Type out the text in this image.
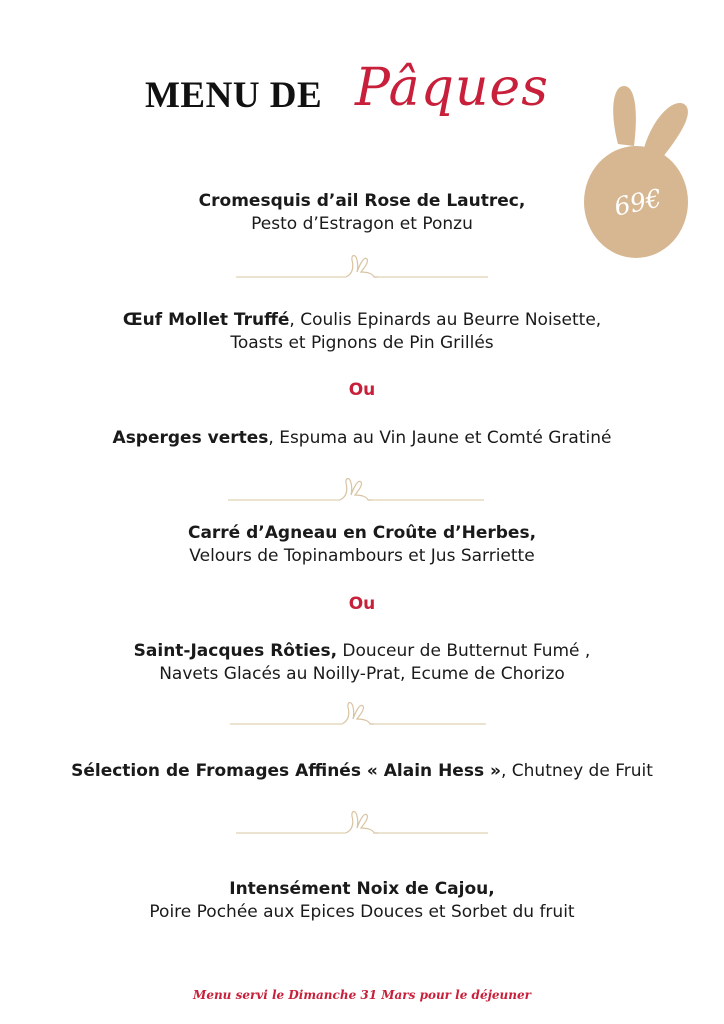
MENU DE Pâques
69€
Cromesquis d’ail Rose de Lautrec,
Pesto d’Estragon et Ponzu
Œuf Mollet Truffé, Coulis Epinards au Beurre Noisette,
Toasts et Pignons de Pin Grillés
Ou
Asperges vertes, Espuma au Vin Jaune et Comté Gratiné
Carré d’Agneau en Croûte d’Herbes,
Velours de Topinambours et Jus Sarriette
Ou
Saint-Jacques Rôties, Douceur de Butternut Fumé ,
Navets Glacés au Noilly-Prat, Ecume de Chorizo
Sélection de Fromages Affinés « Alain Hess », Chutney de Fruit
Intensément Noix de Cajou,
Poire Pochée aux Epices Douces et Sorbet du fruit
Menu servi le Dimanche 31 Mars pour le déjeuner
